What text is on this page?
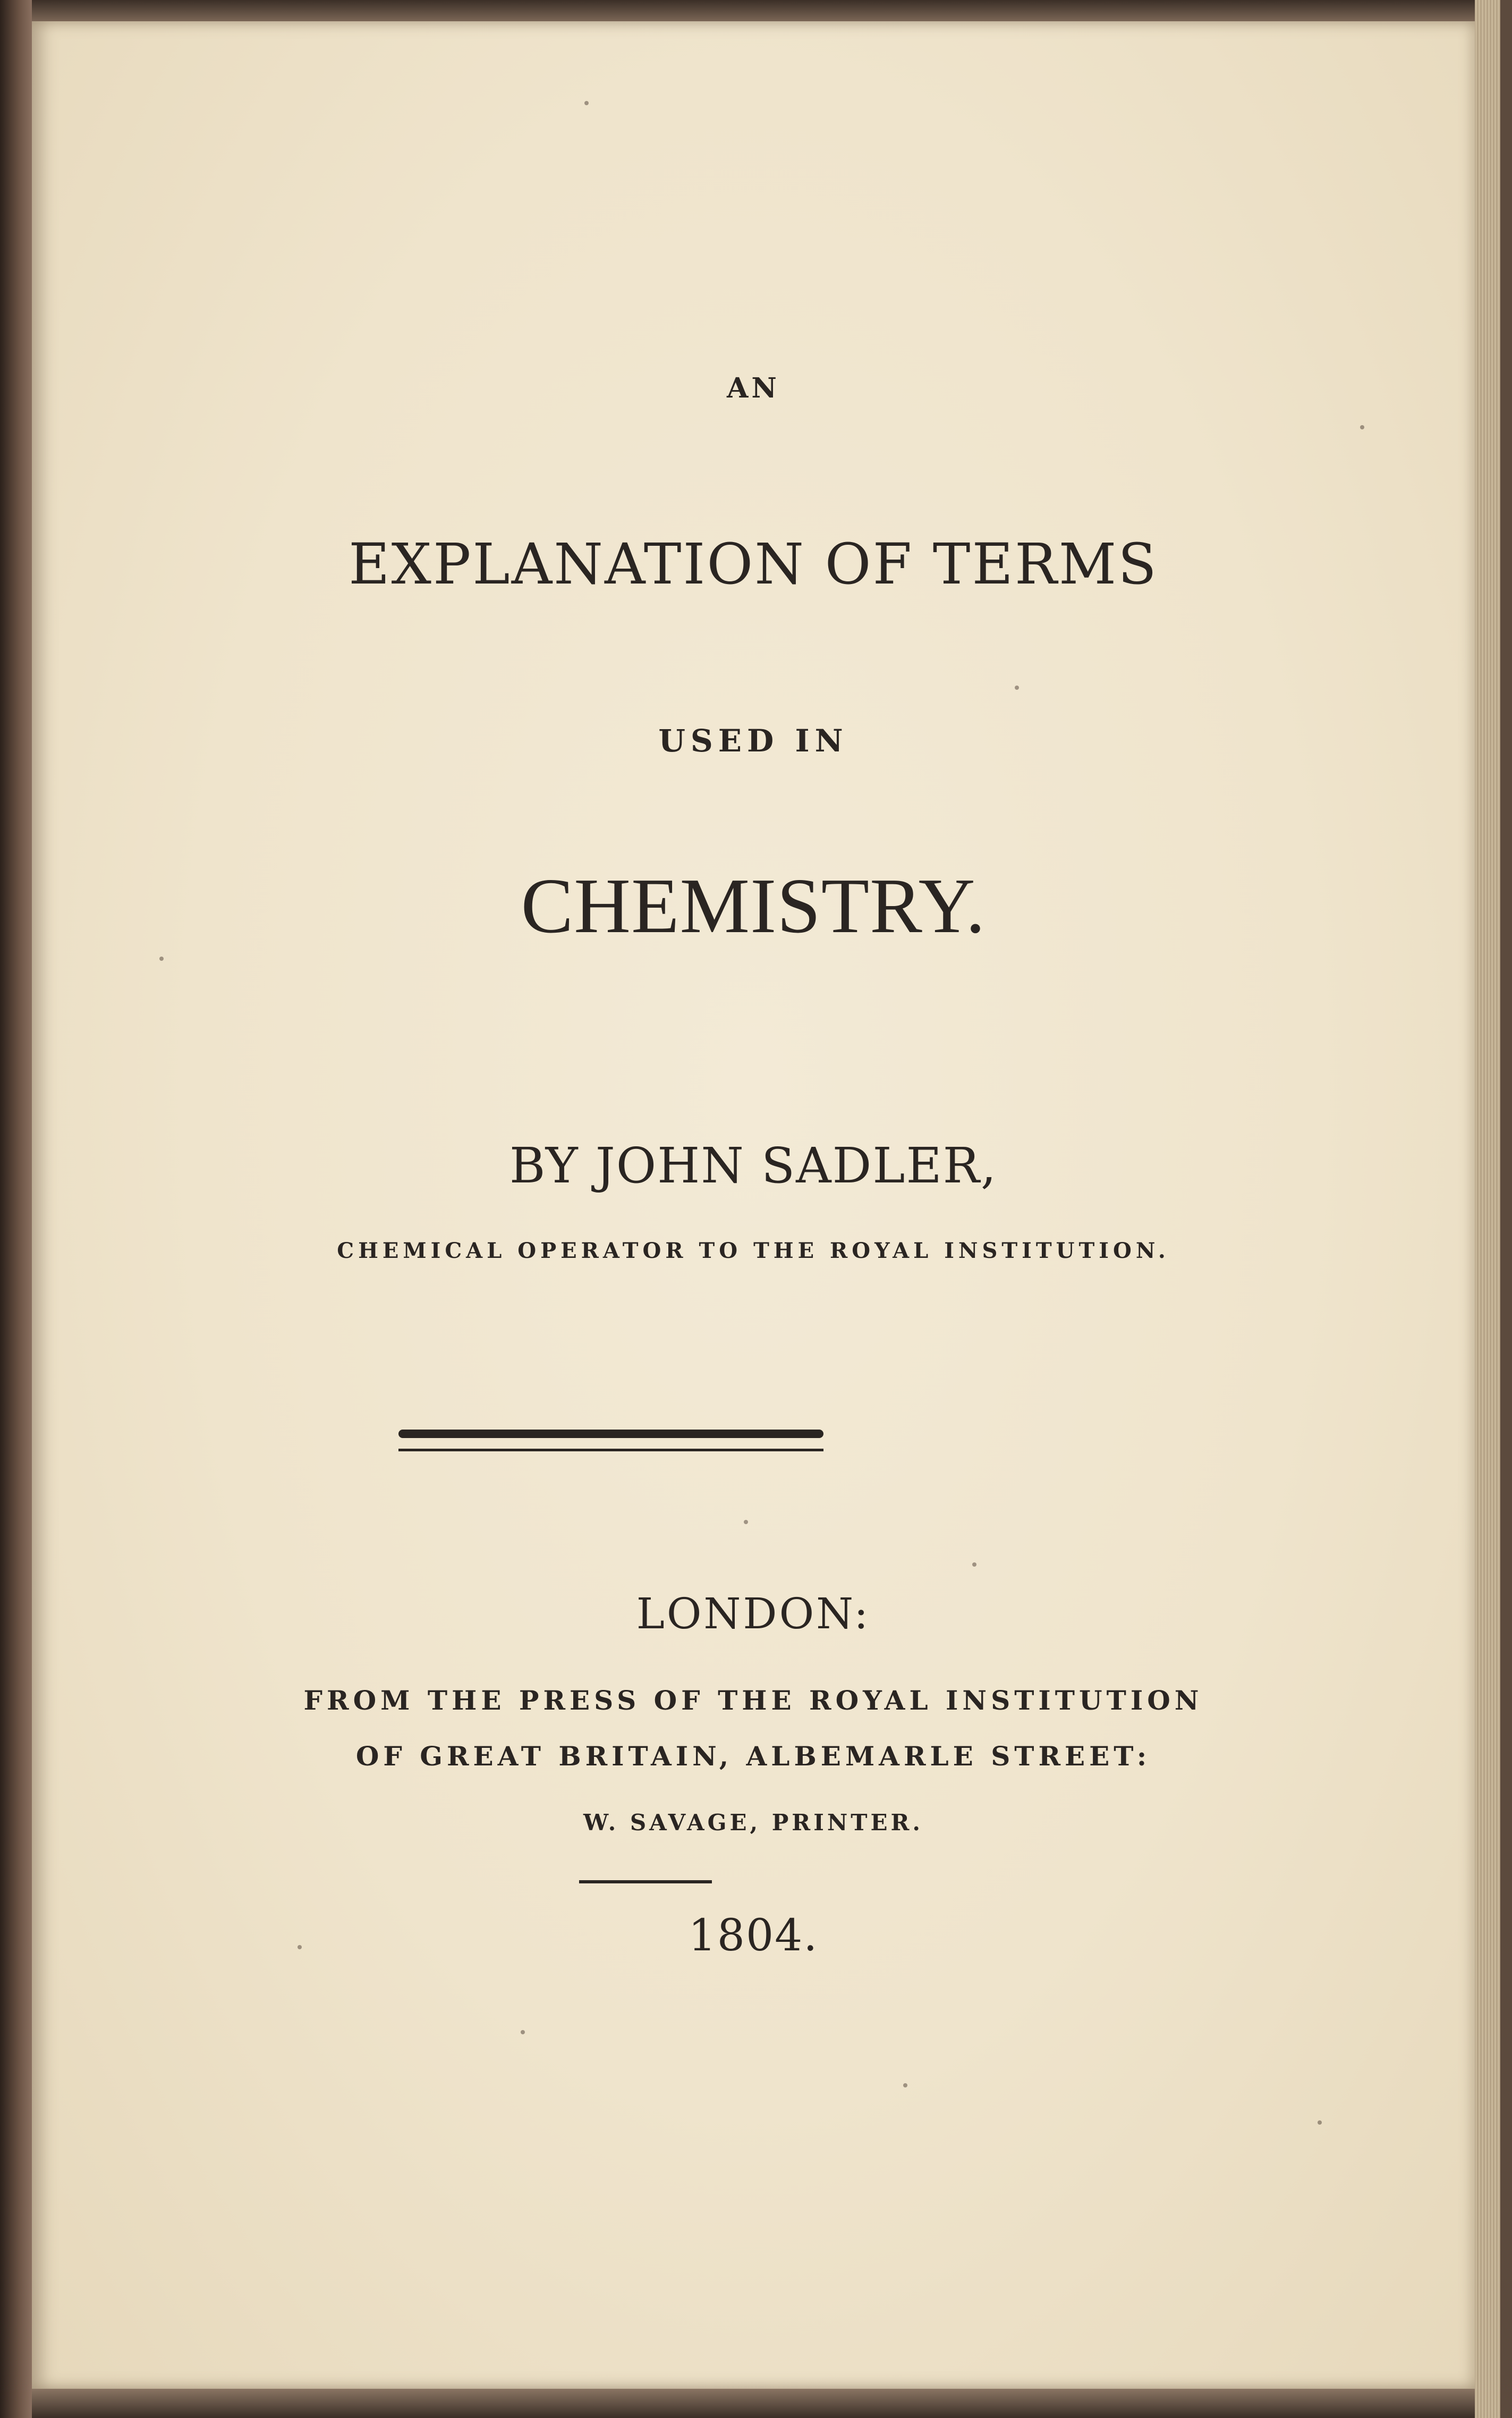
AN
EXPLANATION OF TERMS
USED IN
CHEMISTRY.
BY JOHN SADLER,
CHEMICAL OPERATOR TO THE ROYAL INSTITUTION.
LONDON:
FROM THE PRESS OF THE ROYAL INSTITUTION
OF GREAT BRITAIN, ALBEMARLE STREET:
W. SAVAGE, PRINTER.
1804.
